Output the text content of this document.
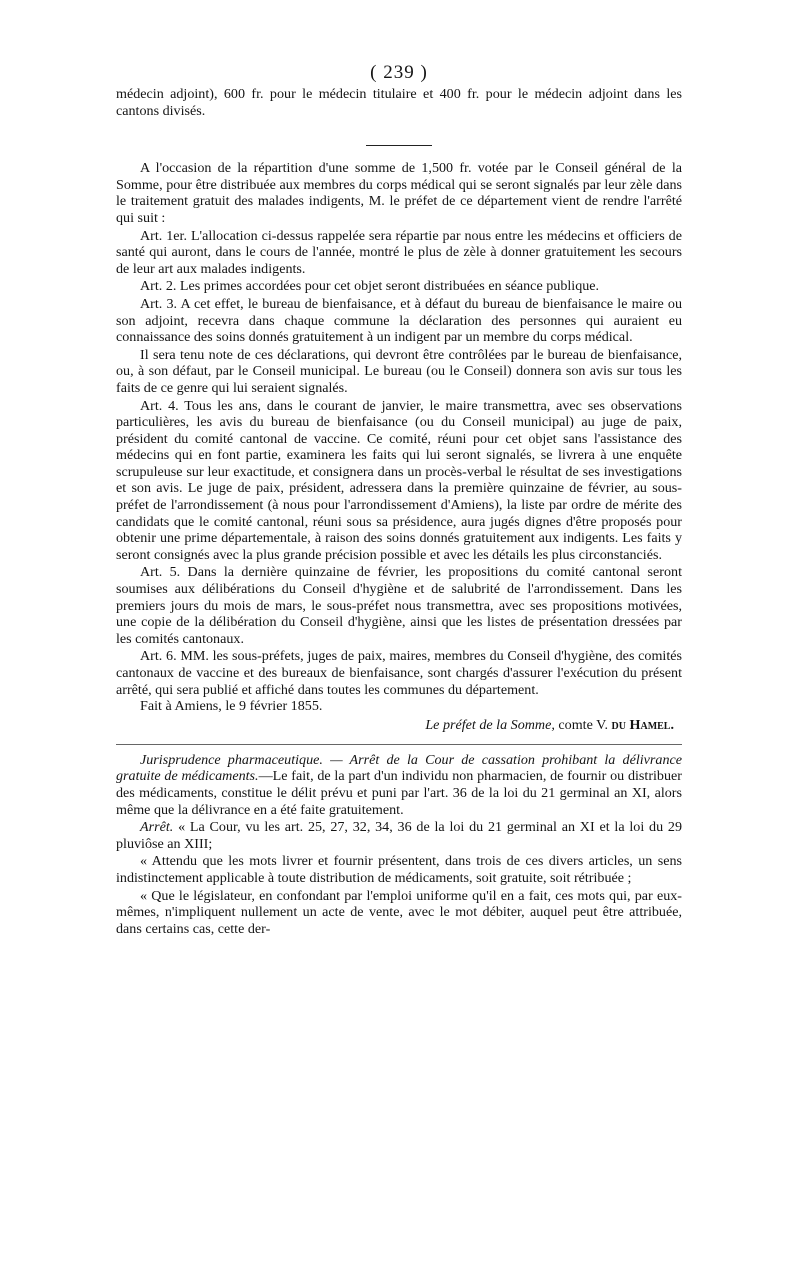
( 239 )

médecin adjoint), 600 fr. pour le médecin titulaire et 400 fr. pour le médecin adjoint dans les cantons divisés.

A l'occasion de la répartition d'une somme de 1,500 fr. votée par le Conseil général de la Somme, pour être distribuée aux membres du corps médical qui se seront signalés par leur zèle dans le traitement gratuit des malades indigents, M. le préfet de ce département vient de rendre l'arrêté qui suit :

Art. 1er. L'allocation ci-dessus rappelée sera répartie par nous entre les médecins et officiers de santé qui auront, dans le cours de l'année, montré le plus de zèle à donner gratuitement les secours de leur art aux malades indigents.

Art. 2. Les primes accordées pour cet objet seront distribuées en séance publique.

Art. 3. A cet effet, le bureau de bienfaisance, et à défaut du bureau de bienfaisance le maire ou son adjoint, recevra dans chaque commune la déclaration des personnes qui auraient eu connaissance des soins donnés gratuitement à un indigent par un membre du corps médical.

Il sera tenu note de ces déclarations, qui devront être contrôlées par le bureau de bienfaisance, ou, à son défaut, par le Conseil municipal. Le bureau (ou le Conseil) donnera son avis sur tous les faits de ce genre qui lui seraient signalés.

Art. 4. Tous les ans, dans le courant de janvier, le maire transmettra, avec ses observations particulières, les avis du bureau de bienfaisance (ou du Conseil municipal) au juge de paix, président du comité cantonal de vaccine. Ce comité, réuni pour cet objet sans l'assistance des médecins qui en font partie, examinera les faits qui lui seront signalés, se livrera à une enquête scrupuleuse sur leur exactitude, et consignera dans un procès-verbal le résultat de ses investigations et son avis. Le juge de paix, président, adressera dans la première quinzaine de février, au sous-préfet de l'arrondissement (à nous pour l'arrondissement d'Amiens), la liste par ordre de mérite des candidats que le comité cantonal, réuni sous sa présidence, aura jugés dignes d'être proposés pour obtenir une prime départementale, à raison des soins donnés gratuitement aux indigents. Les faits y seront consignés avec la plus grande précision possible et avec les détails les plus circonstanciés.

Art. 5. Dans la dernière quinzaine de février, les propositions du comité cantonal seront soumises aux délibérations du Conseil d'hygiène et de salubrité de l'arrondissement. Dans les premiers jours du mois de mars, le sous-préfet nous transmettra, avec ses propositions motivées, une copie de la délibération du Conseil d'hygiène, ainsi que les listes de présentation dressées par les comités cantonaux.

Art. 6. MM. les sous-préfets, juges de paix, maires, membres du Conseil d'hygiène, des comités cantonaux de vaccine et des bureaux de bienfaisance, sont chargés d'assurer l'exécution du présent arrêté, qui sera publié et affiché dans toutes les communes du département.

Fait à Amiens, le 9 février 1855.

Le préfet de la Somme, comte V. du Hamel.

Jurisprudence pharmaceutique. — Arrêt de la Cour de cassation prohibant la délivrance gratuite de médicaments.—Le fait, de la part d'un individu non pharmacien, de fournir ou distribuer des médicaments, constitue le délit prévu et puni par l'art. 36 de la loi du 21 germinal an XI, alors même que la délivrance en a été faite gratuitement.

Arrêt. « La Cour, vu les art. 25, 27, 32, 34, 36 de la loi du 21 germinal an XI et la loi du 29 pluviôse an XIII;

« Attendu que les mots livrer et fournir présentent, dans trois de ces divers articles, un sens indistinctement applicable à toute distribution de médicaments, soit gratuite, soit rétribuée ;

« Que le législateur, en confondant par l'emploi uniforme qu'il en a fait, ces mots qui, par eux-mêmes, n'impliquent nullement un acte de vente, avec le mot débiter, auquel peut être attribuée, dans certains cas, cette der-
